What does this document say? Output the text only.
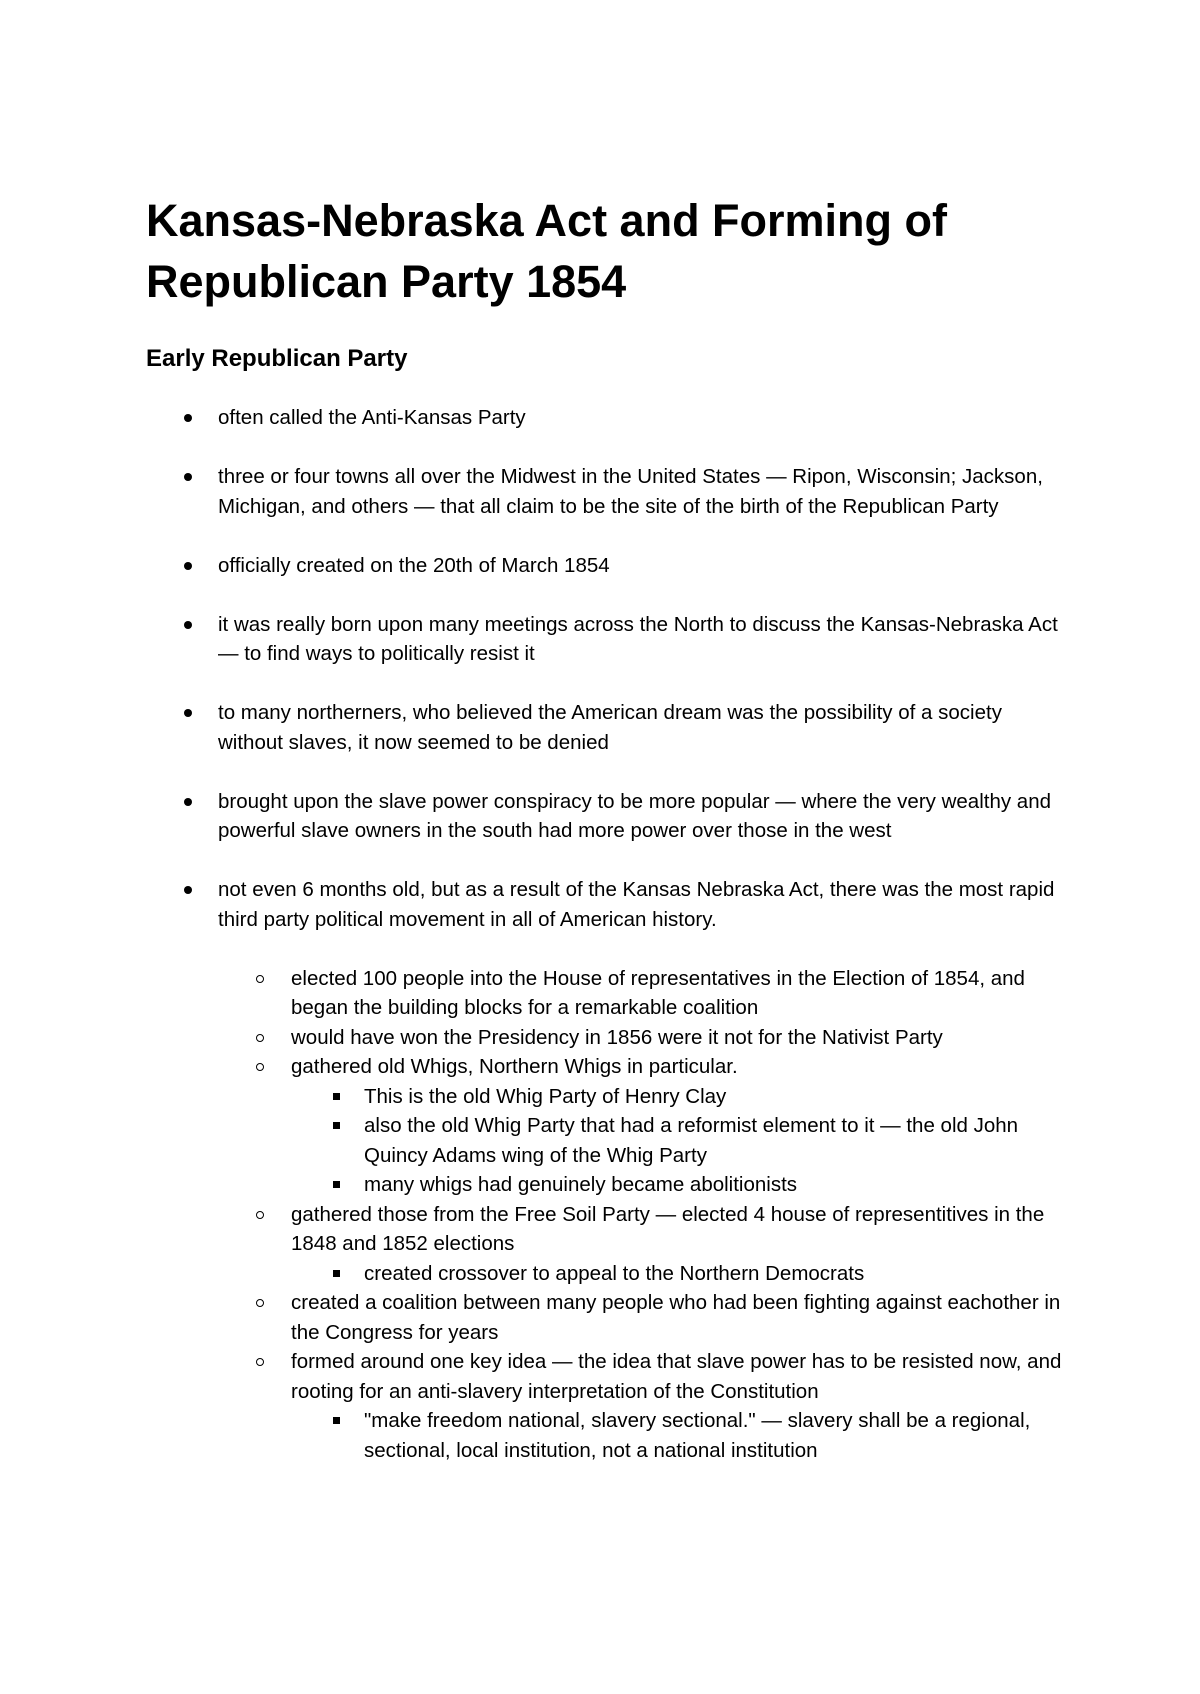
Kansas-Nebraska Act and Forming of Republican Party 1854
Early Republican Party
often called the Anti-Kansas Party
three or four towns all over the Midwest in the United States — Ripon, Wisconsin; Jackson, Michigan, and others — that all claim to be the site of the birth of the Republican Party
officially created on the 20th of March 1854
it was really born upon many meetings across the North to discuss the Kansas-Nebraska Act — to find ways to politically resist it
to many northerners, who believed the American dream was the possibility of a society without slaves, it now seemed to be denied
brought upon the slave power conspiracy to be more popular — where the very wealthy and powerful slave owners in the south had more power over those in the west
not even 6 months old, but as a result of the Kansas Nebraska Act, there was the most rapid third party political movement in all of American history.
elected 100 people into the House of representatives in the Election of 1854, and began the building blocks for a remarkable coalition
would have won the Presidency in 1856 were it not for the Nativist Party
gathered old Whigs, Northern Whigs in particular.
This is the old Whig Party of Henry Clay
also the old Whig Party that had a reformist element to it — the old John Quincy Adams wing of the Whig Party
many whigs had genuinely became abolitionists
gathered those from the Free Soil Party — elected 4 house of representitives in the 1848 and 1852 elections
created crossover to appeal to the Northern Democrats
created a coalition between many people who had been fighting against eachother in the Congress for years
formed around one key idea — the idea that slave power has to be resisted now, and rooting for an anti-slavery interpretation of the Constitution
"make freedom national, slavery sectional." — slavery shall be a regional, sectional, local institution, not a national institution
